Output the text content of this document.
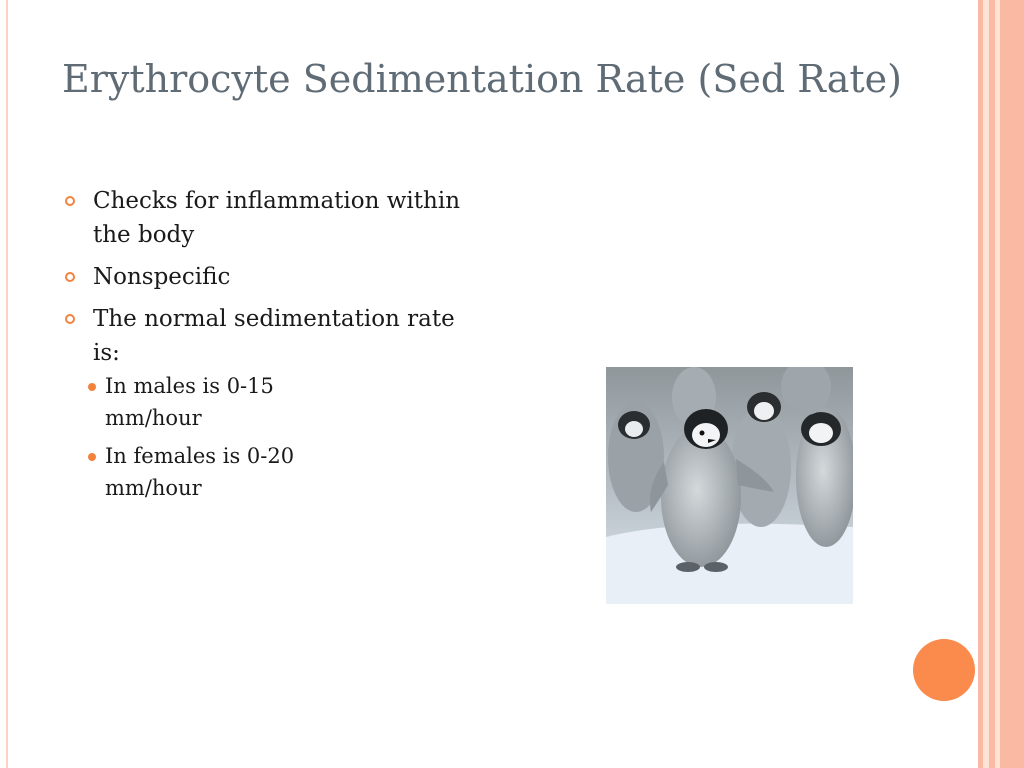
Erythrocyte Sedimentation Rate (Sed Rate)
Checks for inflammation within the body
Nonspecific
The normal sedimentation rate is:
In males is 0-15 mm/hour
In females is 0-20 mm/hour
